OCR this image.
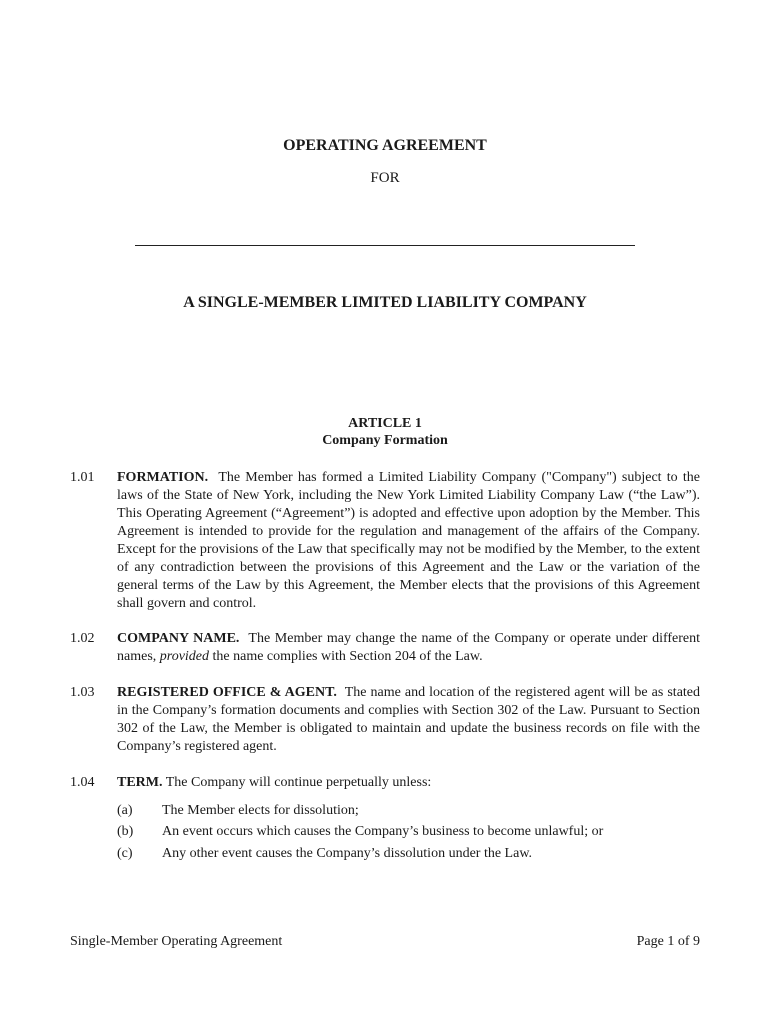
OPERATING AGREEMENT
FOR
A SINGLE-MEMBER LIMITED LIABILITY COMPANY
ARTICLE 1
Company Formation
1.01	FORMATION. The Member has formed a Limited Liability Company ("Company") subject to the laws of the State of New York, including the New York Limited Liability Company Law (“the Law”). This Operating Agreement (“Agreement”) is adopted and effective upon adoption by the Member. This Agreement is intended to provide for the regulation and management of the affairs of the Company. Except for the provisions of the Law that specifically may not be modified by the Member, to the extent of any contradiction between the provisions of this Agreement and the Law or the variation of the general terms of the Law by this Agreement, the Member elects that the provisions of this Agreement shall govern and control.
1.02	COMPANY NAME. The Member may change the name of the Company or operate under different names, provided the name complies with Section 204 of the Law.
1.03	REGISTERED OFFICE & AGENT. The name and location of the registered agent will be as stated in the Company’s formation documents and complies with Section 302 of the Law. Pursuant to Section 302 of the Law, the Member is obligated to maintain and update the business records on file with the Company’s registered agent.
1.04	TERM. The Company will continue perpetually unless:
(a)	The Member elects for dissolution;
(b)	An event occurs which causes the Company’s business to become unlawful; or
(c)	Any other event causes the Company’s dissolution under the Law.
Single-Member Operating Agreement	Page 1 of 9
